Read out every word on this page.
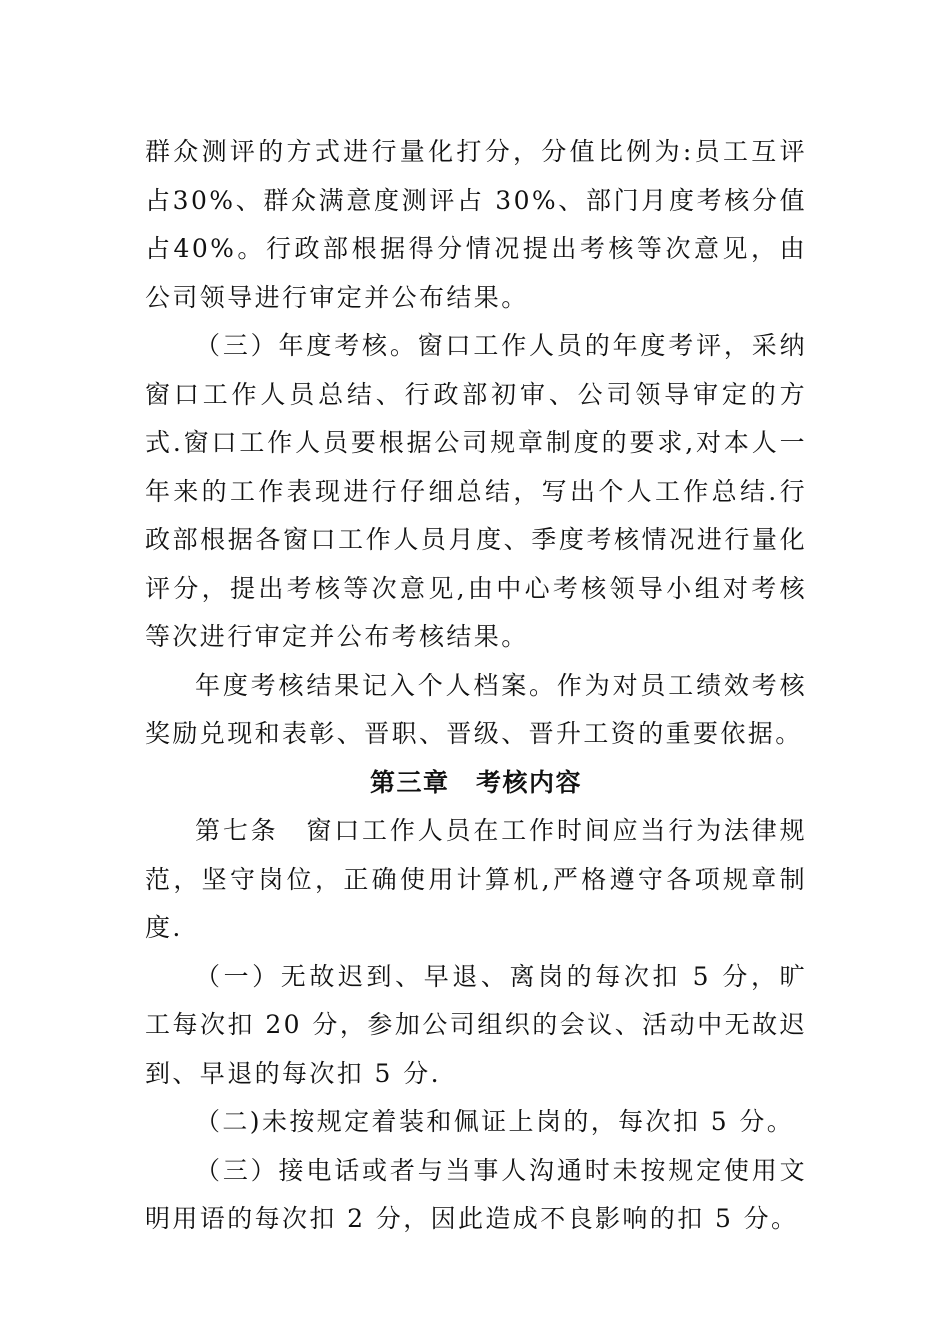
群众测评的方式进行量化打分，分值比例为:员工互评占30%、群众满意度测评占 30%、部门月度考核分值占40%。行政部根据得分情况提出考核等次意见，由公司领导进行审定并公布结果。

（三）年度考核。窗口工作人员的年度考评，采纳窗口工作人员总结、行政部初审、公司领导审定的方式.窗口工作人员要根据公司规章制度的要求,对本人一年来的工作表现进行仔细总结，写出个人工作总结.行政部根据各窗口工作人员月度、季度考核情况进行量化评分，提出考核等次意见,由中心考核领导小组对考核等次进行审定并公布考核结果。

年度考核结果记入个人档案。作为对员工绩效考核奖励兑现和表彰、晋职、晋级、晋升工资的重要依据。

第三章　考核内容

第七条　窗口工作人员在工作时间应当行为法律规范，坚守岗位，正确使用计算机,严格遵守各项规章制度.

（一）无故迟到、早退、离岗的每次扣 5 分，旷工每次扣 20 分，参加公司组织的会议、活动中无故迟到、早退的每次扣 5 分.

（二)未按规定着装和佩证上岗的，每次扣 5 分。

（三）接电话或者与当事人沟通时未按规定使用文明用语的每次扣 2 分，因此造成不良影响的扣 5 分。
